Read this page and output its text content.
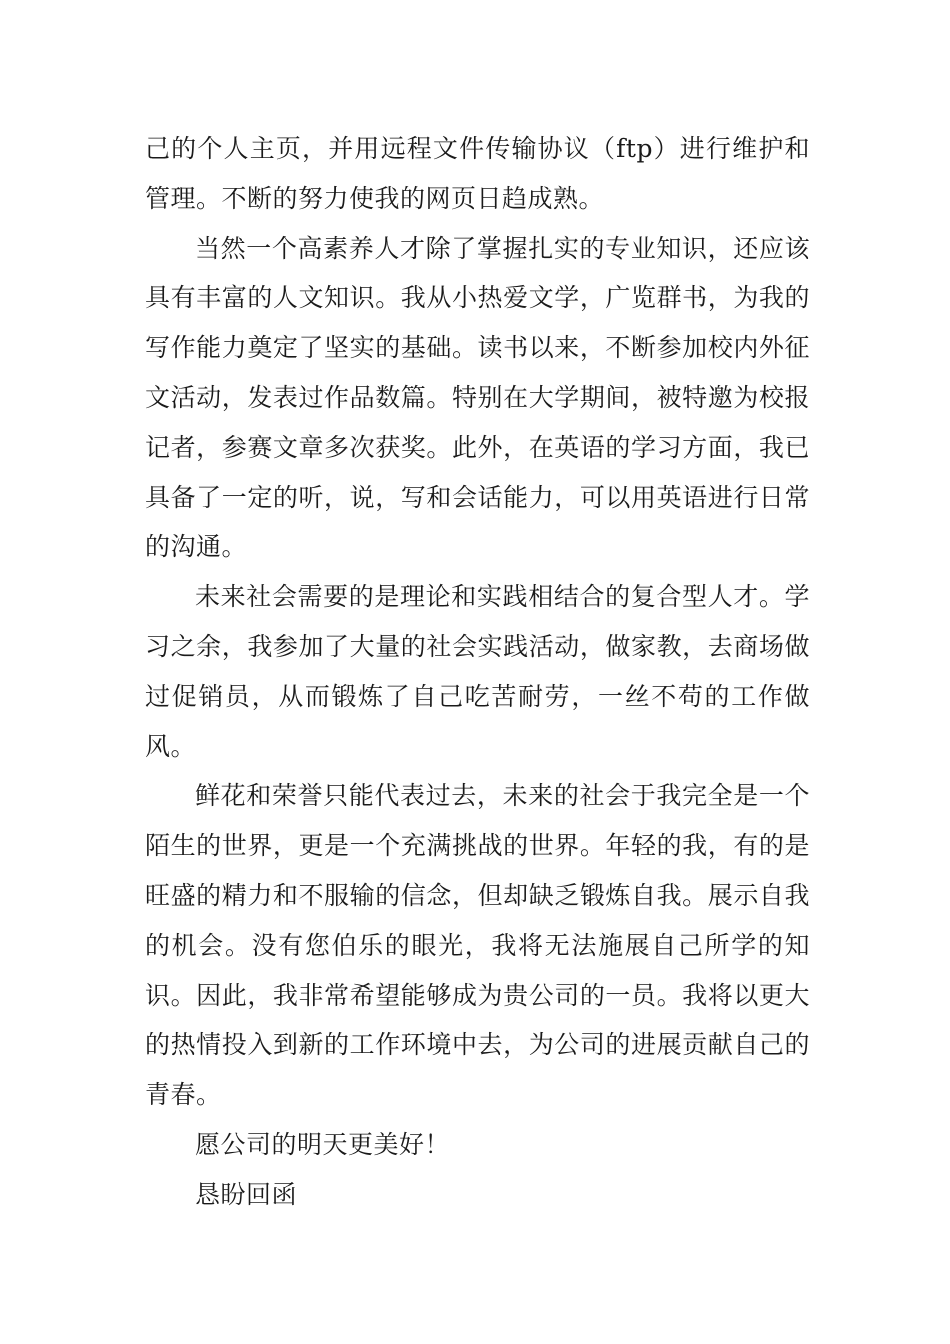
己的个人主页，并用远程文件传输协议（ftp）进行维护和管理。不断的努力使我的网页日趋成熟。

当然一个高素养人才除了掌握扎实的专业知识，还应该具有丰富的人文知识。我从小热爱文学，广览群书，为我的写作能力奠定了坚实的基础。读书以来，不断参加校内外征文活动，发表过作品数篇。特别在大学期间，被特邀为校报记者，参赛文章多次获奖。此外，在英语的学习方面，我已具备了一定的听，说，写和会话能力，可以用英语进行日常的沟通。

未来社会需要的是理论和实践相结合的复合型人才。学习之余，我参加了大量的社会实践活动，做家教，去商场做过促销员，从而锻炼了自己吃苦耐劳，一丝不苟的工作做风。

鲜花和荣誉只能代表过去，未来的社会于我完全是一个陌生的世界，更是一个充满挑战的世界。年轻的我，有的是旺盛的精力和不服输的信念，但却缺乏锻炼自我。展示自我的机会。没有您伯乐的眼光，我将无法施展自己所学的知识。因此，我非常希望能够成为贵公司的一员。我将以更大的热情投入到新的工作环境中去，为公司的进展贡献自己的青春。

愿公司的明天更美好！

恳盼回函
